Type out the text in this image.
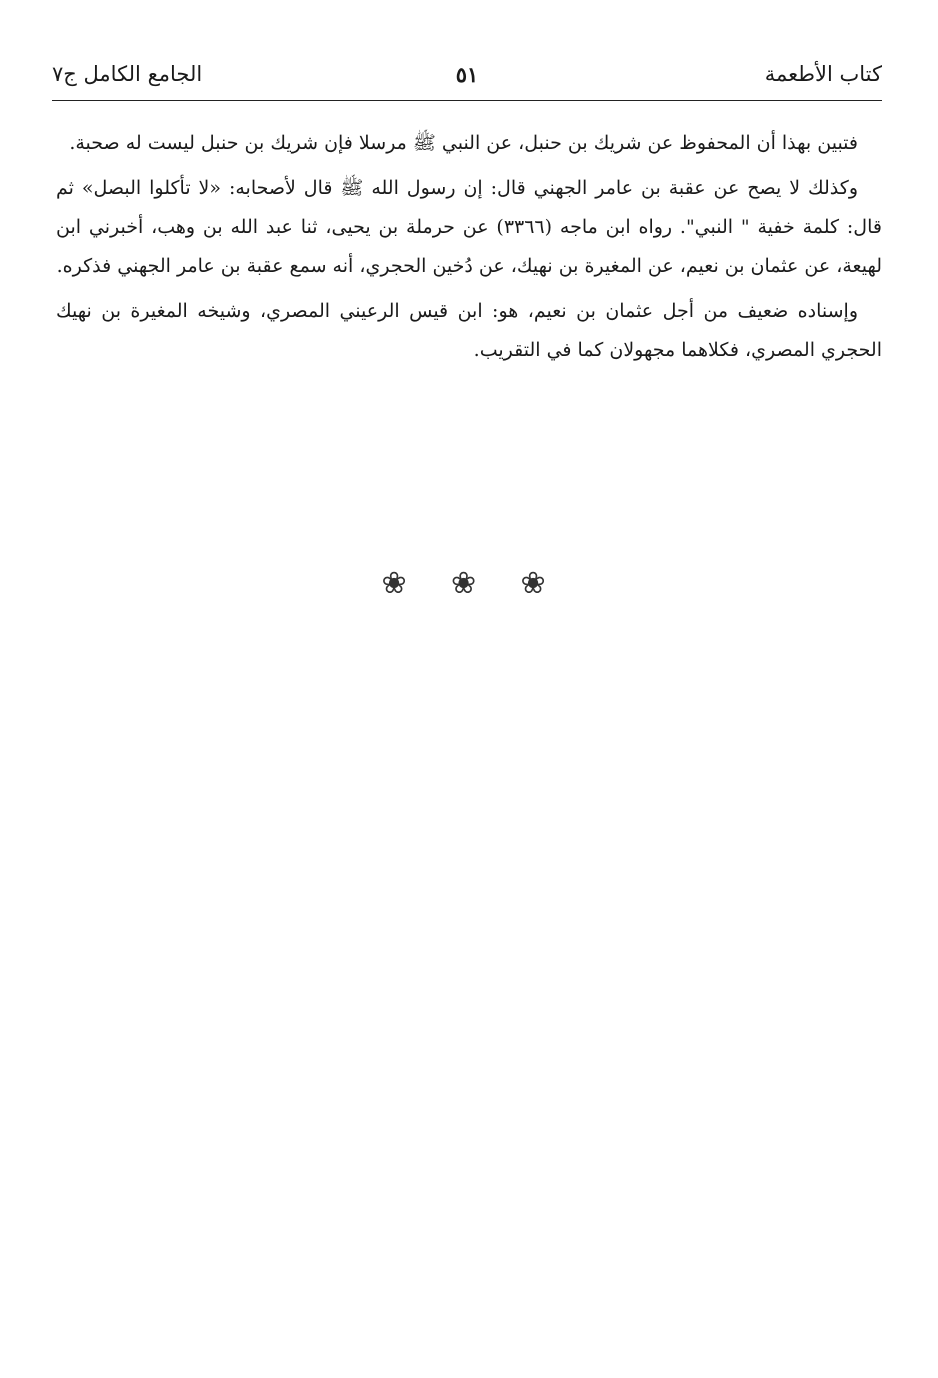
كتاب الأطعمة
٥١
الجامع الكامل ج٧

فتبين بهذا أن المحفوظ عن شريك بن حنبل، عن النبي ﷺ مرسلا فإن شريك بن حنبل ليست له صحبة.

وكذلك لا يصح عن عقبة بن عامر الجهني قال: إن رسول الله ﷺ قال لأصحابه: «لا تأكلوا البصل» ثم قال: كلمة خفية " النبي". رواه ابن ماجه (٣٣٦٦) عن حرملة بن يحيى، ثنا عبد الله بن وهب، أخبرني ابن لهيعة، عن عثمان بن نعيم، عن المغيرة بن نهيك، عن دُخين الحجري، أنه سمع عقبة بن عامر الجهني فذكره.

وإسناده ضعيف من أجل عثمان بن نعيم، هو: ابن قيس الرعيني المصري، وشيخه المغيرة بن نهيك الحجري المصري، فكلاهما مجهولان كما في التقريب.

❀ ❀ ❀
